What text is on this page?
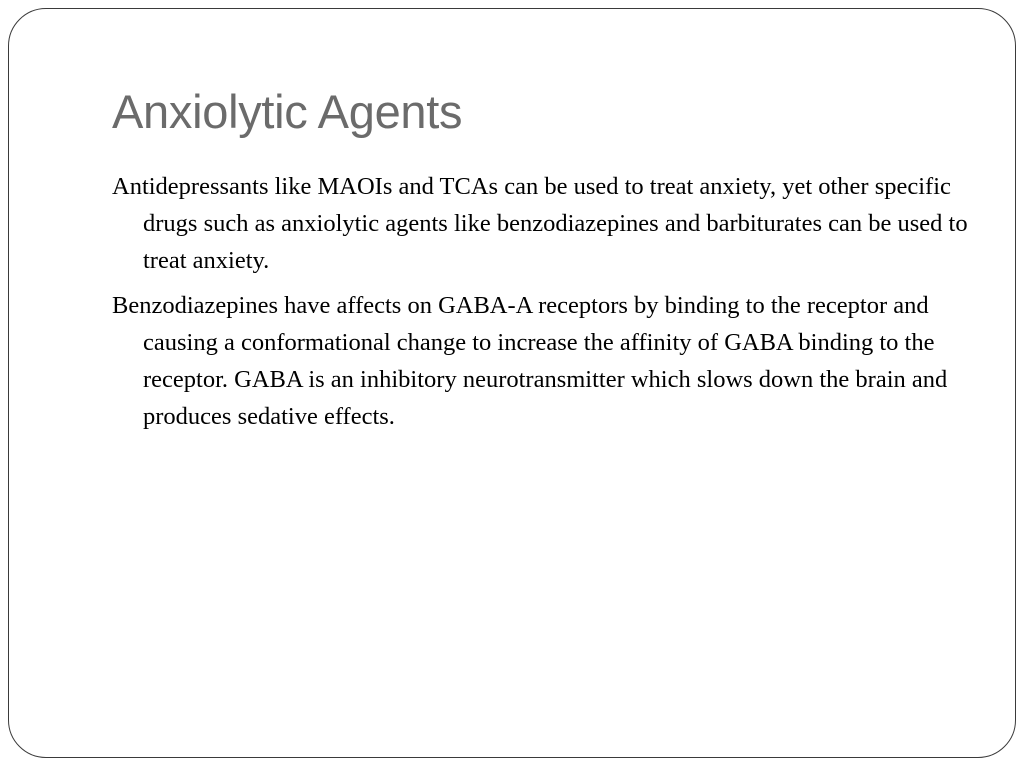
Anxiolytic Agents
Antidepressants like MAOIs and TCAs can be used to treat anxiety, yet other specific drugs such as anxiolytic agents like benzodiazepines and barbiturates can be used to treat anxiety.
Benzodiazepines have affects on GABA-A receptors by binding to the receptor and causing a conformational change to increase the affinity of GABA binding to the receptor. GABA is an inhibitory neurotransmitter which slows down the brain and produces sedative effects.
